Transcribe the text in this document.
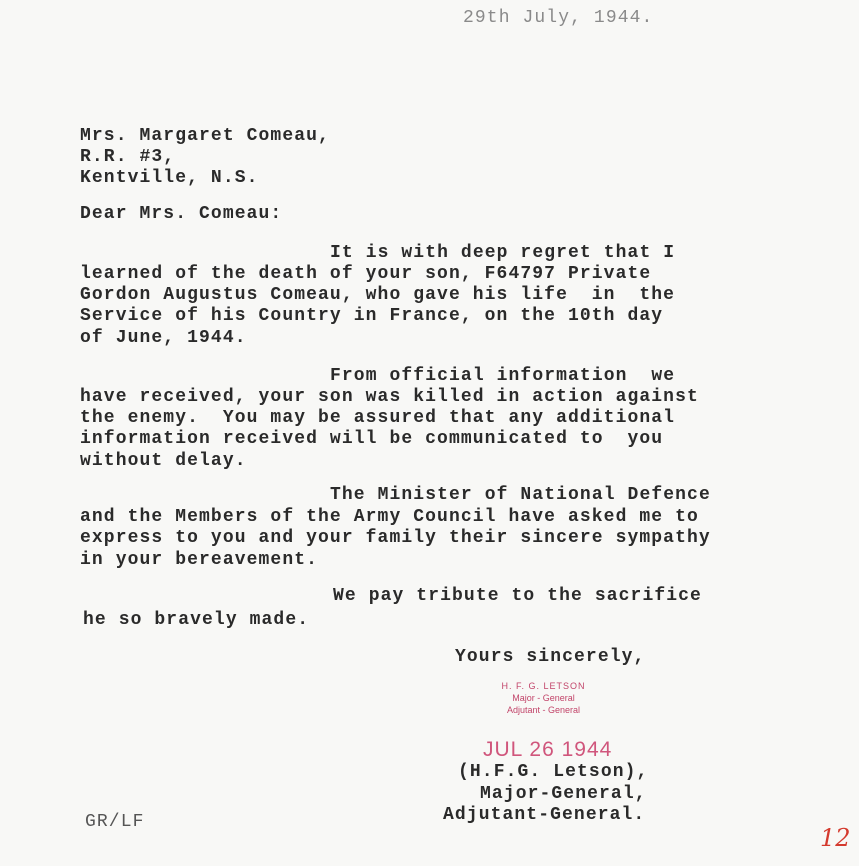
29th July, 1944.
Mrs. Margaret Comeau,
R.R. #3,
Kentville, N.S.
Dear Mrs. Comeau:
It is with deep regret that I
learned of the death of your son, F64797 Private
Gordon Augustus Comeau, who gave his life  in  the
Service of his Country in France, on the 10th day
of June, 1944.
From official information  we
have received, your son was killed in action against
the enemy.  You may be assured that any additional
information received will be communicated to  you
without delay.
The Minister of National Defence
and the Members of the Army Council have asked me to
express to you and your family their sincere sympathy
in your bereavement.
We pay tribute to the sacrifice
he so bravely made.
Yours sincerely,
H. F. G. LETSON
Major - General
Adjutant - General
JUL 26 1944
(H.F.G. Letson),
Major-General,
Adjutant-General.
GR/LF
12
